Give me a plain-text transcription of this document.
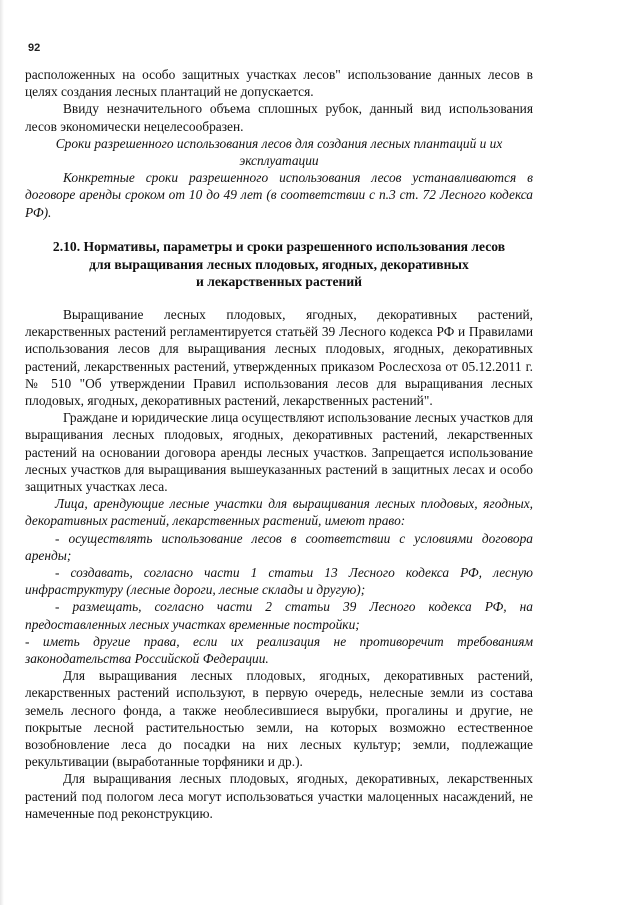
92

расположенных на особо защитных участках лесов" использование данных лесов в целях создания лесных плантаций не допускается.

Ввиду незначительного объема сплошных рубок, данный вид использования лесов экономически нецелесообразен.

Сроки разрешенного использования лесов для создания лесных плантаций и их эксплуатации

Конкретные сроки разрешенного использования лесов устанавливаются в договоре аренды сроком от 10 до 49 лет (в соответствии с п.3 ст. 72 Лесного кодекса РФ).

2.10. Нормативы, параметры и сроки разрешенного использования лесов
для выращивания лесных плодовых, ягодных, декоративных
и лекарственных растений

Выращивание лесных плодовых, ягодных, декоративных растений, лекарственных растений регламентируется статьёй 39 Лесного кодекса РФ и Правилами использования лесов для выращивания лесных плодовых, ягодных, декоративных растений, лекарственных растений, утвержденных приказом Рослесхоза от 05.12.2011 г. № 510 "Об утверждении Правил использования лесов для выращивания лесных плодовых, ягодных, декоративных растений, лекарственных растений".

Граждане и юридические лица осуществляют использование лесных участков для выращивания лесных плодовых, ягодных, декоративных растений, лекарственных растений на основании договора аренды лесных участков. Запрещается использование лесных участков для выращивания вышеуказанных растений в защитных лесах и особо защитных участках леса.

Лица, арендующие лесные участки для выращивания лесных плодовых, ягодных, декоративных растений, лекарственных растений, имеют право:

- осуществлять использование лесов в соответствии с условиями договора аренды;

- создавать, согласно части 1 статьи 13 Лесного кодекса РФ, лесную инфраструктуру (лесные дороги, лесные склады и другую);

- размещать, согласно части 2 статьи 39 Лесного кодекса РФ, на предоставленных лесных участках временные постройки;

- иметь другие права, если их реализация не противоречит требованиям законодательства Российской Федерации.

Для выращивания лесных плодовых, ягодных, декоративных растений, лекарственных растений используют, в первую очередь, нелесные земли из состава земель лесного фонда, а также необлесившиеся вырубки, прогалины и другие, не покрытые лесной растительностью земли, на которых возможно естественное возобновление леса до посадки на них лесных культур; земли, подлежащие рекультивации (выработанные торфяники и др.).

Для выращивания лесных плодовых, ягодных, декоративных, лекарственных растений под пологом леса могут использоваться участки малоценных насаждений, не намеченные под реконструкцию.
